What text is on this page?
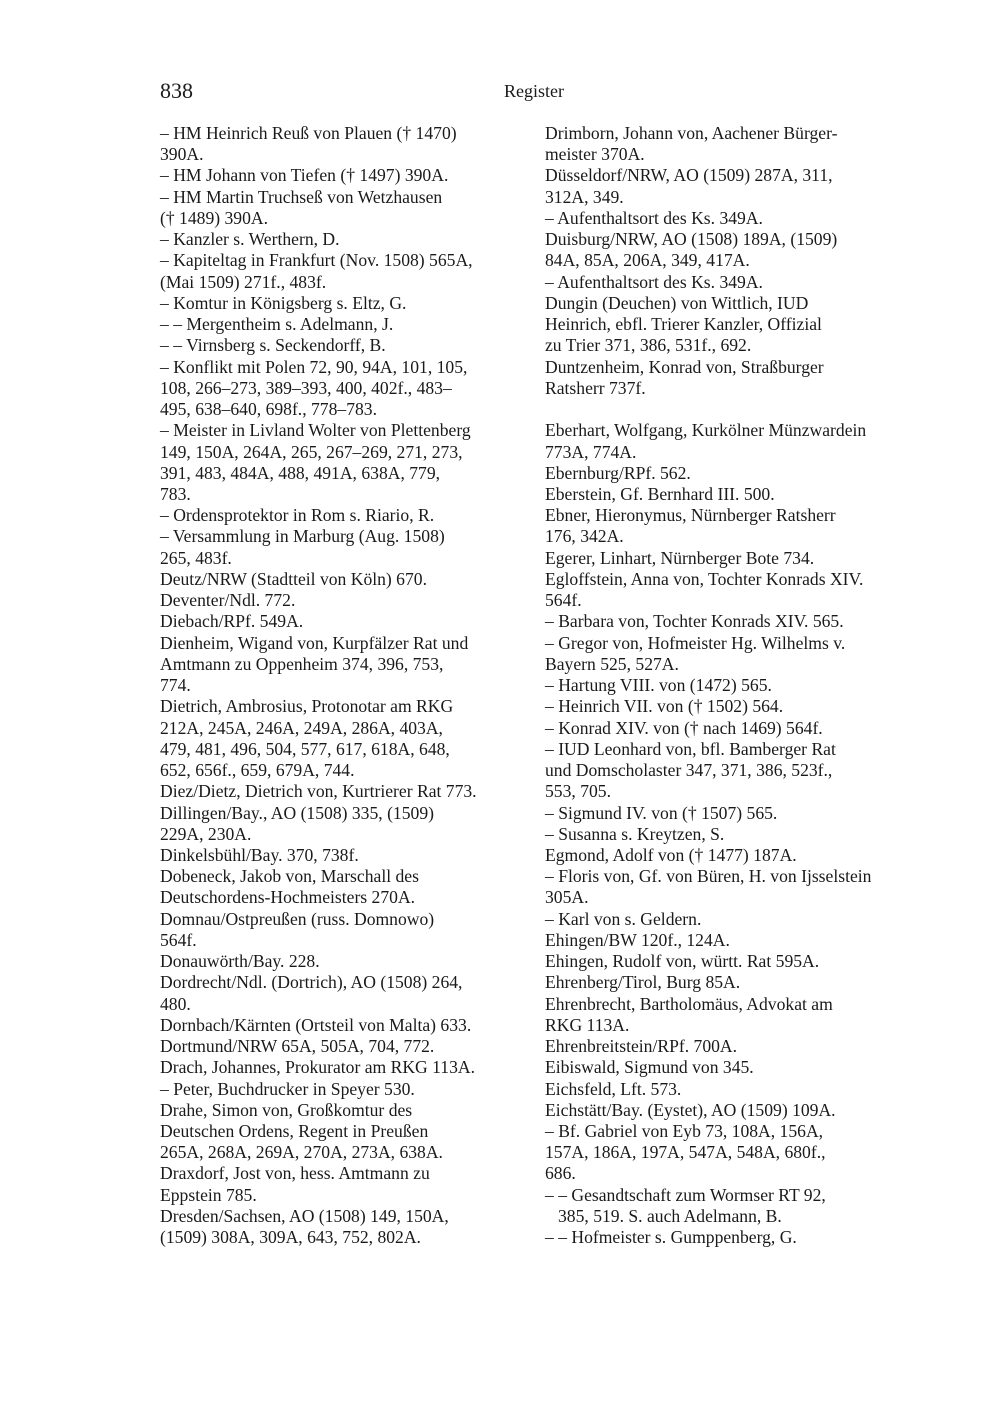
838	Register
– HM Heinrich Reuß von Plauen († 1470)
390A.
– HM Johann von Tiefen († 1497) 390A.
– HM Martin Truchseß von Wetzhausen
(† 1489) 390A.
– Kanzler s. Werthern, D.
– Kapiteltag in Frankfurt (Nov. 1508) 565A,
(Mai 1509) 271f., 483f.
– Komtur in Königsberg s. Eltz, G.
– – Mergentheim s. Adelmann, J.
– – Virnsberg s. Seckendorff, B.
– Konflikt mit Polen 72, 90, 94A, 101, 105,
108, 266–273, 389–393, 400, 402f., 483–
495, 638–640, 698f., 778–783.
– Meister in Livland Wolter von Plettenberg
149, 150A, 264A, 265, 267–269, 271, 273,
391, 483, 484A, 488, 491A, 638A, 779,
783.
– Ordensprotektor in Rom s. Riario, R.
– Versammlung in Marburg (Aug. 1508)
265, 483f.
Deutz/NRW (Stadtteil von Köln) 670.
Deventer/Ndl. 772.
Diebach/RPf. 549A.
Dienheim, Wigand von, Kurpfälzer Rat und
Amtmann zu Oppenheim 374, 396, 753,
774.
Dietrich, Ambrosius, Protonotar am RKG
212A, 245A, 246A, 249A, 286A, 403A,
479, 481, 496, 504, 577, 617, 618A, 648,
652, 656f., 659, 679A, 744.
Diez/Dietz, Dietrich von, Kurtrierer Rat 773.
Dillingen/Bay., AO (1508) 335, (1509)
229A, 230A.
Dinkelsbühl/Bay. 370, 738f.
Dobeneck, Jakob von, Marschall des
Deutschordens-Hochmeisters 270A.
Domnau/Ostpreußen (russ. Domnowo)
564f.
Donauwörth/Bay. 228.
Dordrecht/Ndl. (Dortrich), AO (1508) 264,
480.
Dornbach/Kärnten (Ortsteil von Malta) 633.
Dortmund/NRW 65A, 505A, 704, 772.
Drach, Johannes, Prokurator am RKG 113A.
– Peter, Buchdrucker in Speyer 530.
Drahe, Simon von, Großkomtur des
Deutschen Ordens, Regent in Preußen
265A, 268A, 269A, 270A, 273A, 638A.
Draxdorf, Jost von, hess. Amtmann zu
Eppstein 785.
Dresden/Sachsen, AO (1508) 149, 150A,
(1509) 308A, 309A, 643, 752, 802A.
Drimborn, Johann von, Aachener Bürger-
meister 370A.
Düsseldorf/NRW, AO (1509) 287A, 311,
312A, 349.
– Aufenthaltsort des Ks. 349A.
Duisburg/NRW, AO (1508) 189A, (1509)
84A, 85A, 206A, 349, 417A.
– Aufenthaltsort des Ks. 349A.
Dungin (Deuchen) von Wittlich, IUD
Heinrich, ebfl. Trierer Kanzler, Offizial
zu Trier 371, 386, 531f., 692.
Duntzenheim, Konrad von, Straßburger
Ratsherr 737f.
Eberhart, Wolfgang, Kurkölner Münzwardein
773A, 774A.
Ebernburg/RPf. 562.
Eberstein, Gf. Bernhard III. 500.
Ebner, Hieronymus, Nürnberger Ratsherr
176, 342A.
Egerer, Linhart, Nürnberger Bote 734.
Egloffstein, Anna von, Tochter Konrads XIV.
564f.
– Barbara von, Tochter Konrads XIV. 565.
– Gregor von, Hofmeister Hg. Wilhelms v.
Bayern 525, 527A.
– Hartung VIII. von (1472) 565.
– Heinrich VII. von († 1502) 564.
– Konrad XIV. von († nach 1469) 564f.
– IUD Leonhard von, bfl. Bamberger Rat
und Domscholaster 347, 371, 386, 523f.,
553, 705.
– Sigmund IV. von († 1507) 565.
– Susanna s. Kreytzen, S.
Egmond, Adolf von († 1477) 187A.
– Floris von, Gf. von Büren, H. von Ijsselstein
305A.
– Karl von s. Geldern.
Ehingen/BW 120f., 124A.
Ehingen, Rudolf von, württ. Rat 595A.
Ehrenberg/Tirol, Burg 85A.
Ehrenbrecht, Bartholomäus, Advokat am
RKG 113A.
Ehrenbreitstein/RPf. 700A.
Eibiswald, Sigmund von 345.
Eichsfeld, Lft. 573.
Eichstätt/Bay. (Eystet), AO (1509) 109A.
– Bf. Gabriel von Eyb 73, 108A, 156A,
157A, 186A, 197A, 547A, 548A, 680f.,
686.
– – Gesandtschaft zum Wormser RT 92,
385, 519. S. auch Adelmann, B.
– – Hofmeister s. Gumppenberg, G.
